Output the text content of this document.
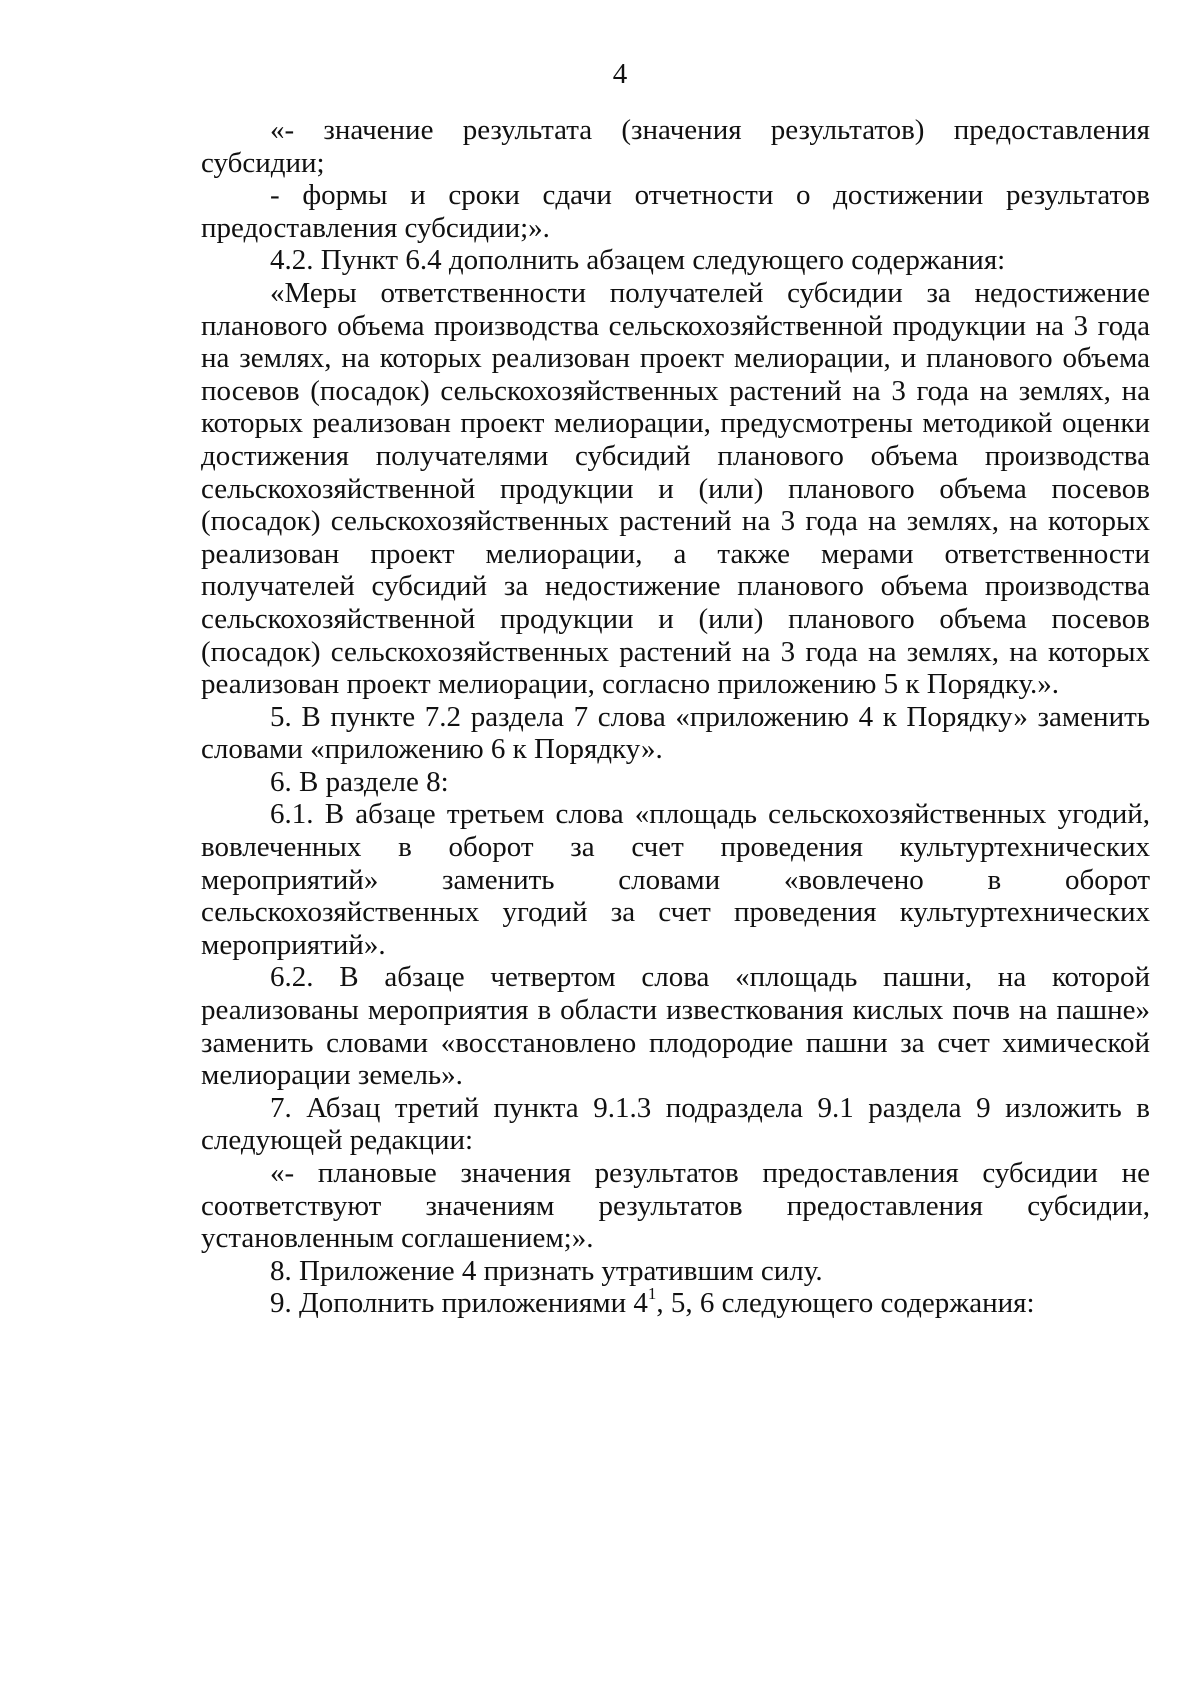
4

«- значение результата (значения результатов) предоставления субсидии;

- формы и сроки сдачи отчетности о достижении результатов предоставления субсидии;».

4.2. Пункт 6.4 дополнить абзацем следующего содержания:

«Меры ответственности получателей субсидии за недостижение планового объема производства сельскохозяйственной продукции на 3 года на землях, на которых реализован проект мелиорации, и планового объема посевов (посадок) сельскохозяйственных растений на 3 года на землях, на которых реализован проект мелиорации, предусмотрены методикой оценки достижения получателями субсидий планового объема производства сельскохозяйственной продукции и (или) планового объема посевов (посадок) сельскохозяйственных растений на 3 года на землях, на которых реализован проект мелиорации, а также мерами ответственности получателей субсидий за недостижение планового объема производства сельскохозяйственной продукции и (или) планового объема посевов (посадок) сельскохозяйственных растений на 3 года на землях, на которых реализован проект мелиорации, согласно приложению 5 к Порядку.».

5. В пункте 7.2 раздела 7 слова «приложению 4 к Порядку» заменить словами «приложению 6 к Порядку».

6. В разделе 8:

6.1. В абзаце третьем слова «площадь сельскохозяйственных угодий, вовлеченных в оборот за счет проведения культуртехнических мероприятий» заменить словами «вовлечено в оборот сельскохозяйственных угодий за счет проведения культуртехнических мероприятий».

6.2. В абзаце четвертом слова «площадь пашни, на которой реализованы мероприятия в области известкования кислых почв на пашне» заменить словами «восстановлено плодородие пашни за счет химической мелиорации земель».

7. Абзац третий пункта 9.1.3 подраздела 9.1 раздела 9 изложить в следующей редакции:

«- плановые значения результатов предоставления субсидии не соответствуют значениям результатов предоставления субсидии, установленным соглашением;».

8. Приложение 4 признать утратившим силу.

9. Дополнить приложениями $4^1$, 5, 6 следующего содержания:
